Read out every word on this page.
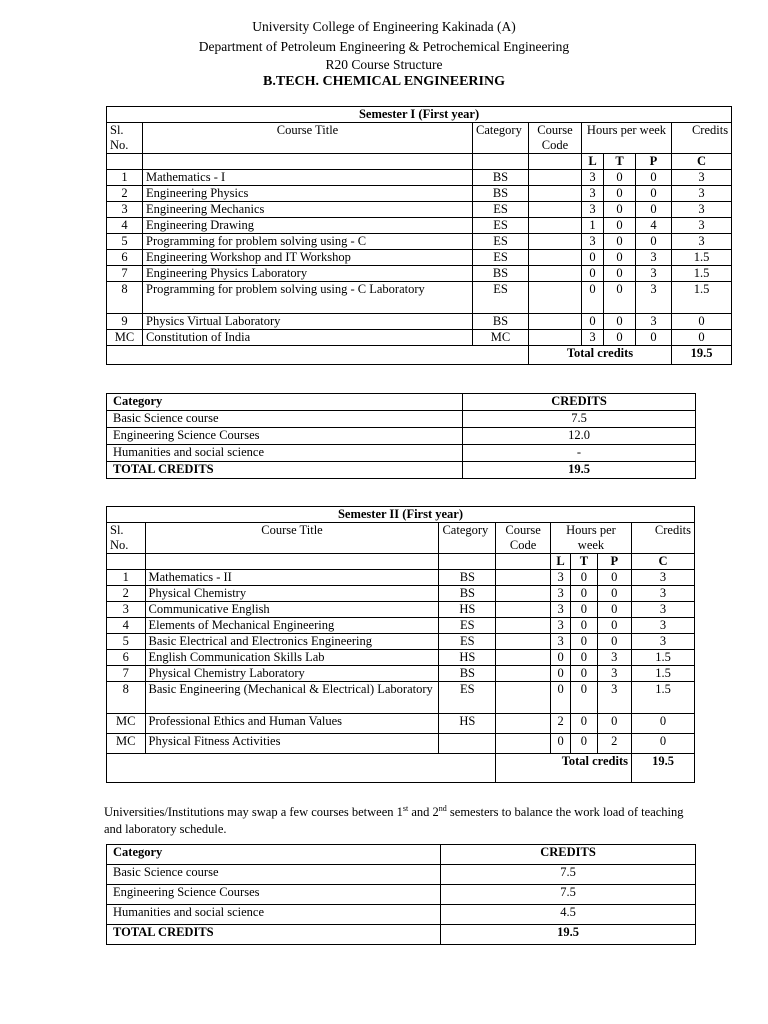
University College of Engineering Kakinada (A)
Department of Petroleum Engineering & Petrochemical Engineering
R20 Course Structure
B.TECH. CHEMICAL ENGINEERING
Semester I (First year)							
Sl. No.	Course Title	Category	Course Code	Hours per week			Credits
				L	T	P	C
1	Mathematics - I	BS		3	0	0	3
2	Engineering Physics	BS		3	0	0	3
3	Engineering Mechanics	ES		3	0	0	3
4	Engineering Drawing	ES		1	0	4	3
5	Programming for problem solving using - C	ES		3	0	0	3
6	Engineering Workshop and IT Workshop	ES		0	0	3	1.5
7	Engineering Physics Laboratory	BS		0	0	3	1.5
8	Programming for problem solving using - C Laboratory	ES		0	0	3	1.5
9	Physics Virtual Laboratory	BS		0	0	3	0
MC	Constitution of India	MC		3	0	0	0
			Total credits				19.5
Category	CREDITS
Basic Science course	7.5
Engineering Science Courses	12.0
Humanities and social science	-
TOTAL CREDITS	19.5
Semester II (First year)							
Sl. No.	Course Title	Category	Course Code	Hours per week			Credits
				L	T	P	C
1	Mathematics - II	BS		3	0	0	3
2	Physical Chemistry	BS		3	0	0	3
3	Communicative English	HS		3	0	0	3
4	Elements of Mechanical Engineering	ES		3	0	0	3
5	Basic Electrical and Electronics Engineering	ES		3	0	0	3
6	English Communication Skills Lab	HS		0	0	3	1.5
7	Physical Chemistry Laboratory	BS		0	0	3	1.5
8	Basic Engineering (Mechanical & Electrical) Laboratory	ES		0	0	3	1.5
MC	Professional Ethics and Human Values	HS		2	0	0	0
MC	Physical Fitness Activities			0	0	2	0
			Total credits				19.5
Universities/Institutions may swap a few courses between 1st and 2nd semesters to balance the work load of teaching and laboratory schedule.
Category	CREDITS
Basic Science course	7.5
Engineering Science Courses	7.5
Humanities and social science	4.5
TOTAL CREDITS	19.5
